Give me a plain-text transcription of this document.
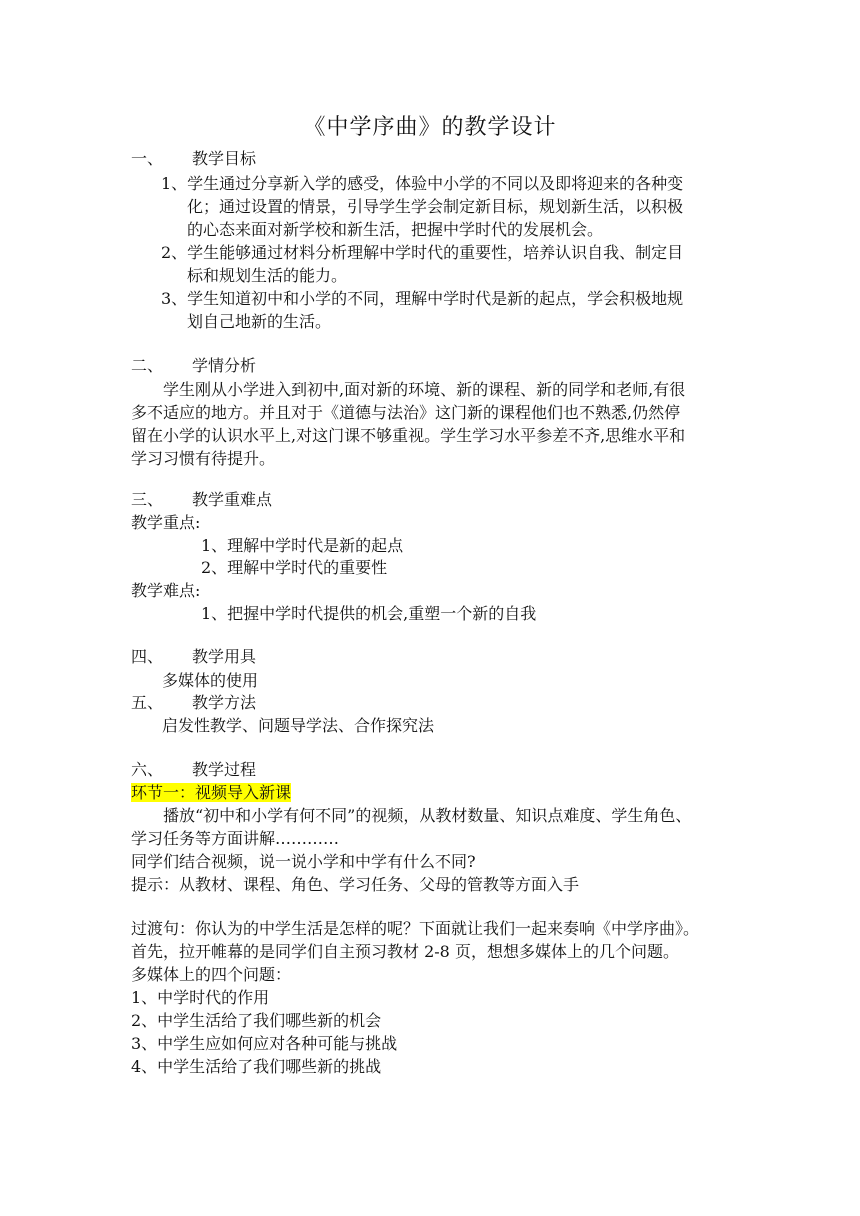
《中学序曲》的教学设计
一、 教学目标
1、学生通过分享新入学的感受，体验中小学的不同以及即将迎来的各种变
化；通过设置的情景，引导学生学会制定新目标，规划新生活，以积极
的心态来面对新学校和新生活，把握中学时代的发展机会。
2、学生能够通过材料分析理解中学时代的重要性，培养认识自我、制定目
标和规划生活的能力。
3、学生知道初中和小学的不同，理解中学时代是新的起点，学会积极地规
划自己地新的生活。
二、 学情分析
学生刚从小学进入到初中,面对新的环境、新的课程、新的同学和老师,有很
多不适应的地方。并且对于《道德与法治》这门新的课程他们也不熟悉,仍然停
留在小学的认识水平上,对这门课不够重视。学生学习水平参差不齐,思维水平和
学习习惯有待提升。
三、 教学重难点
教学重点:
1、理解中学时代是新的起点
2、理解中学时代的重要性
教学难点:
1、把握中学时代提供的机会,重塑一个新的自我
四、 教学用具
多媒体的使用
五、 教学方法
启发性教学、问题导学法、合作探究法
六、 教学过程
环节一：视频导入新课
播放“初中和小学有何不同”的视频，从教材数量、知识点难度、学生角色、
学习任务等方面讲解…………
同学们结合视频，说一说小学和中学有什么不同?
提示：从教材、课程、角色、学习任务、父母的管教等方面入手
过渡句：你认为的中学生活是怎样的呢？下面就让我们一起来奏响《中学序曲》。
首先，拉开帷幕的是同学们自主预习教材 2-8 页，想想多媒体上的几个问题。
多媒体上的四个问题：
1、中学时代的作用
2、中学生活给了我们哪些新的机会
3、中学生应如何应对各种可能与挑战
4、中学生活给了我们哪些新的挑战
